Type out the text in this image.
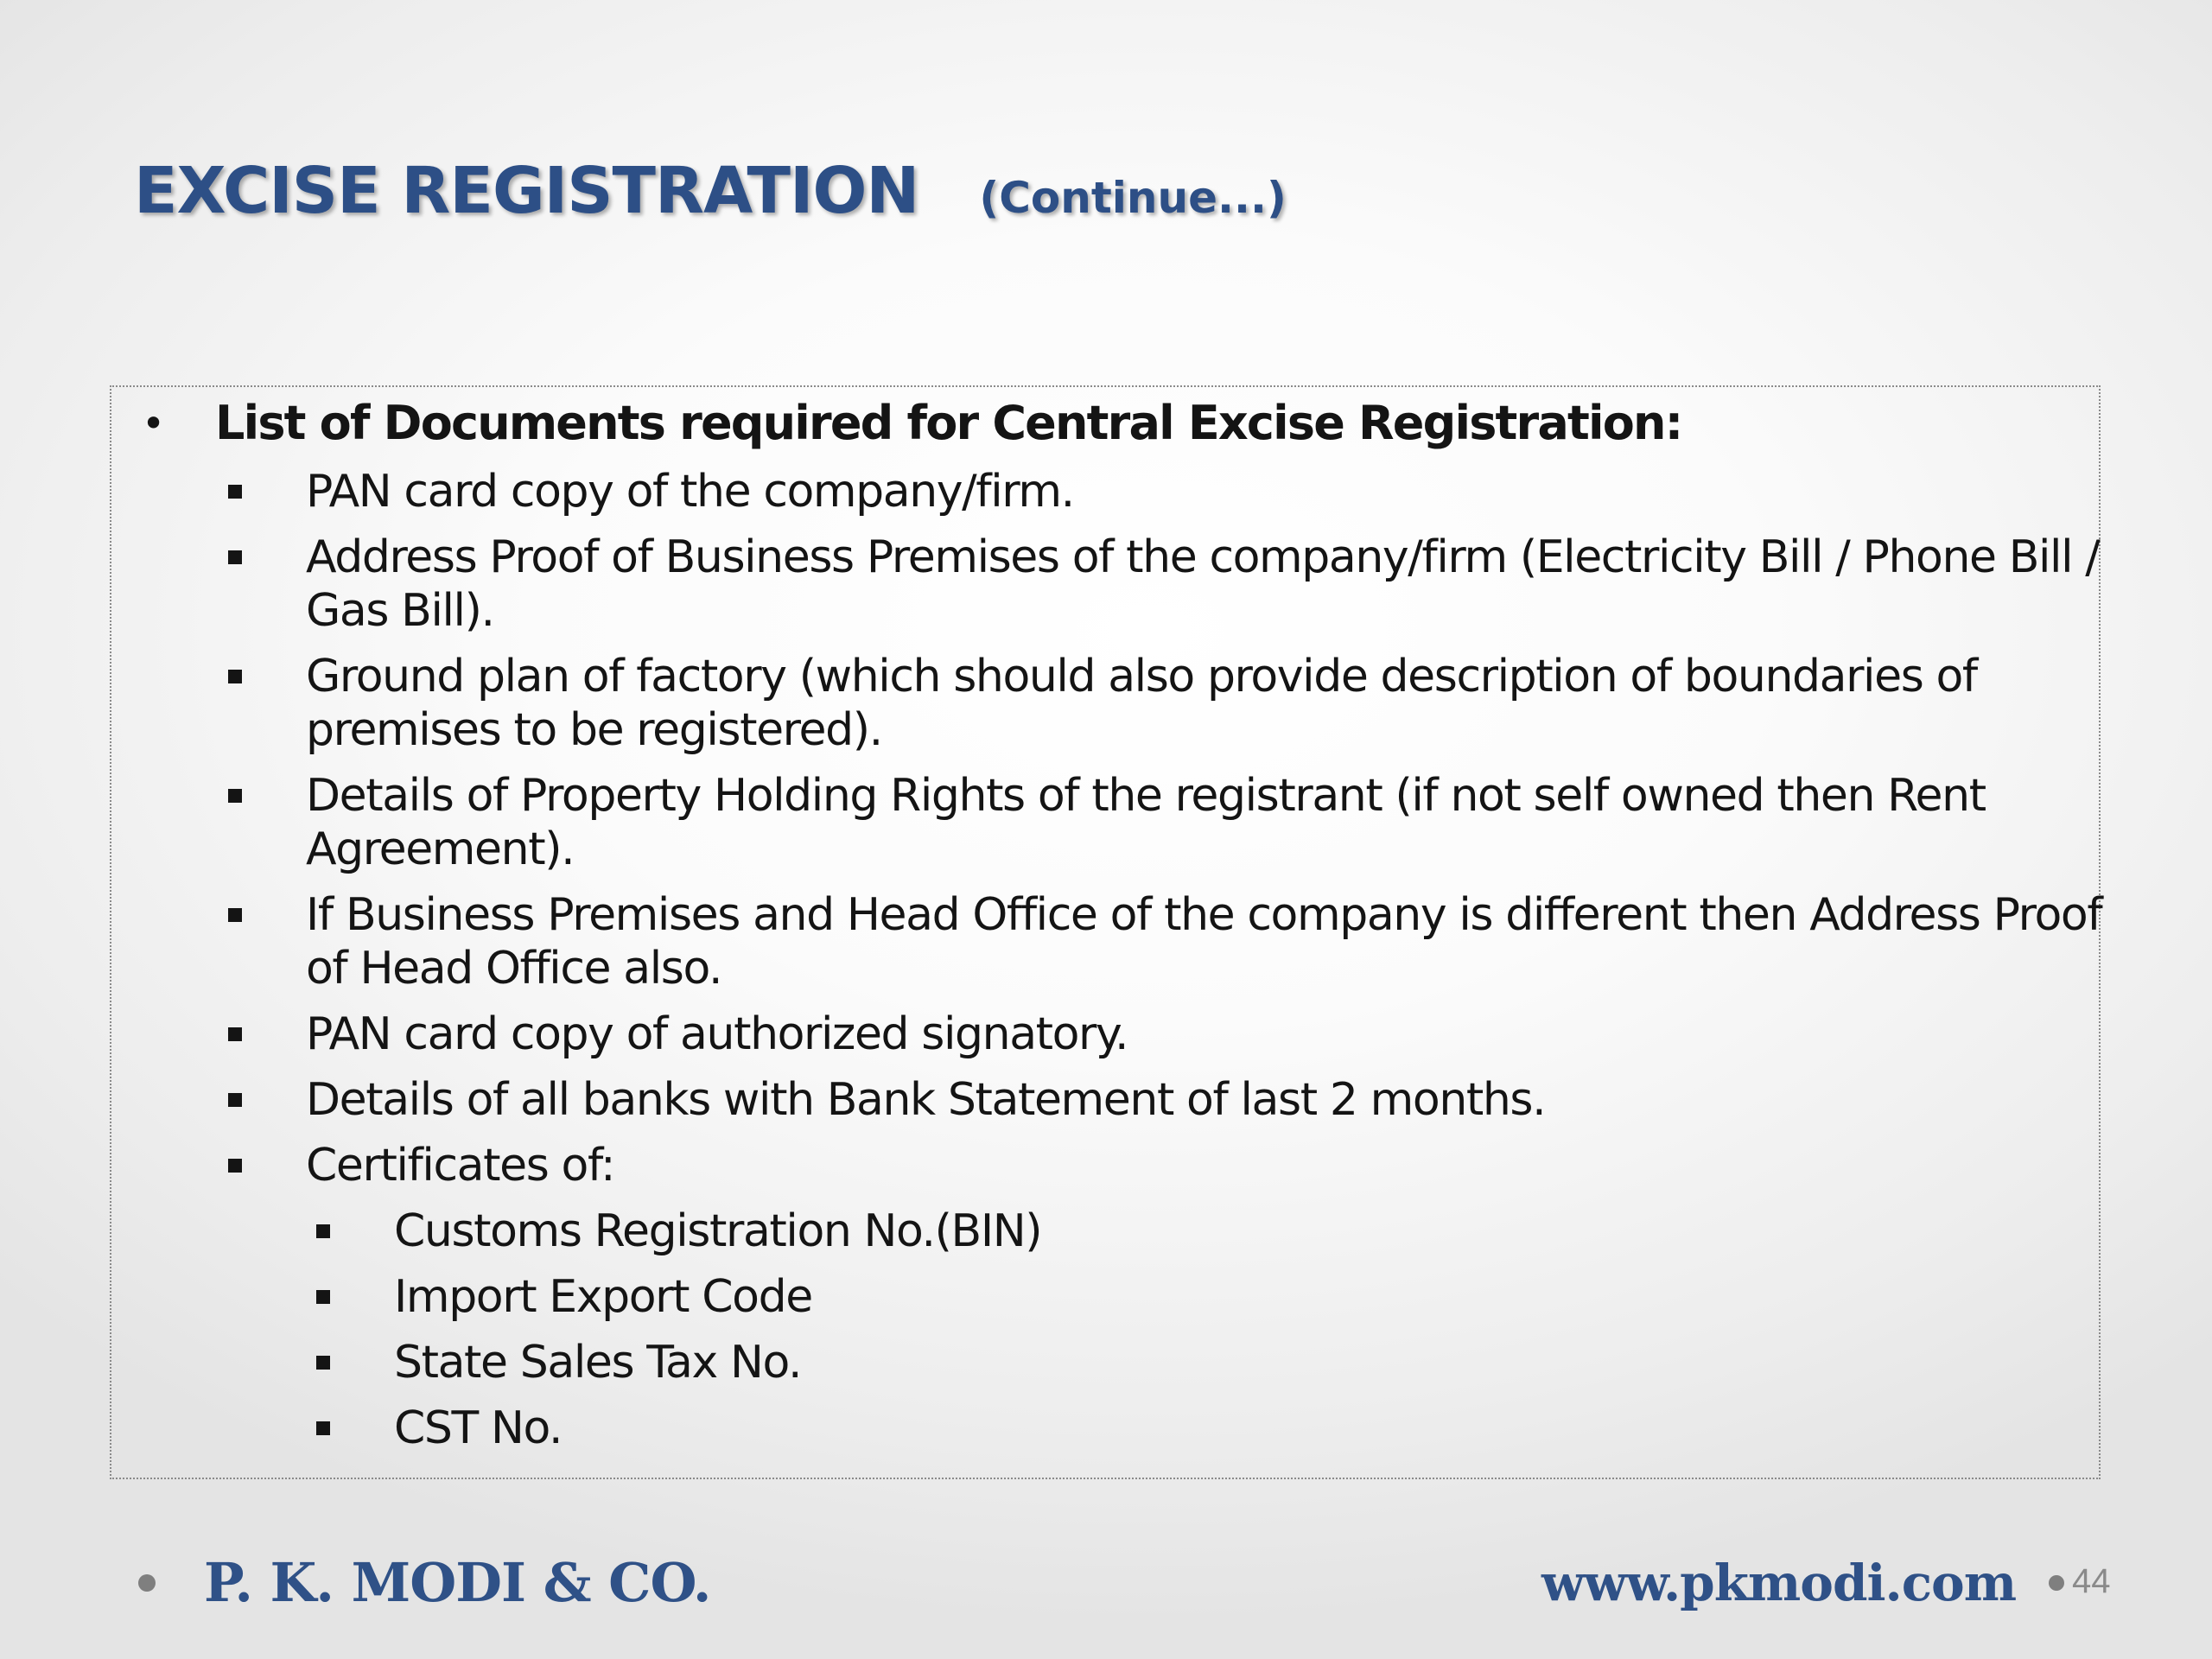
EXCISE REGISTRATION (Continue...)
• List of Documents required for Central Excise Registration:
PAN card copy of the company/firm.
Address Proof of Business Premises of the company/firm (Electricity Bill / Phone Bill / Gas Bill).
Ground plan of factory (which should also provide description of boundaries of premises to be registered).
Details of Property Holding Rights of the registrant (if not self owned then Rent Agreement).
If Business Premises and Head Office of the company is different then Address Proof of Head Office also.
PAN card copy of authorized signatory.
Details of all banks with Bank Statement of last 2 months.
Certificates of:
Customs Registration No.(BIN)
Import Export Code
State Sales Tax No.
CST No.
P. K. MODI & CO.	www.pkmodi.com 44
